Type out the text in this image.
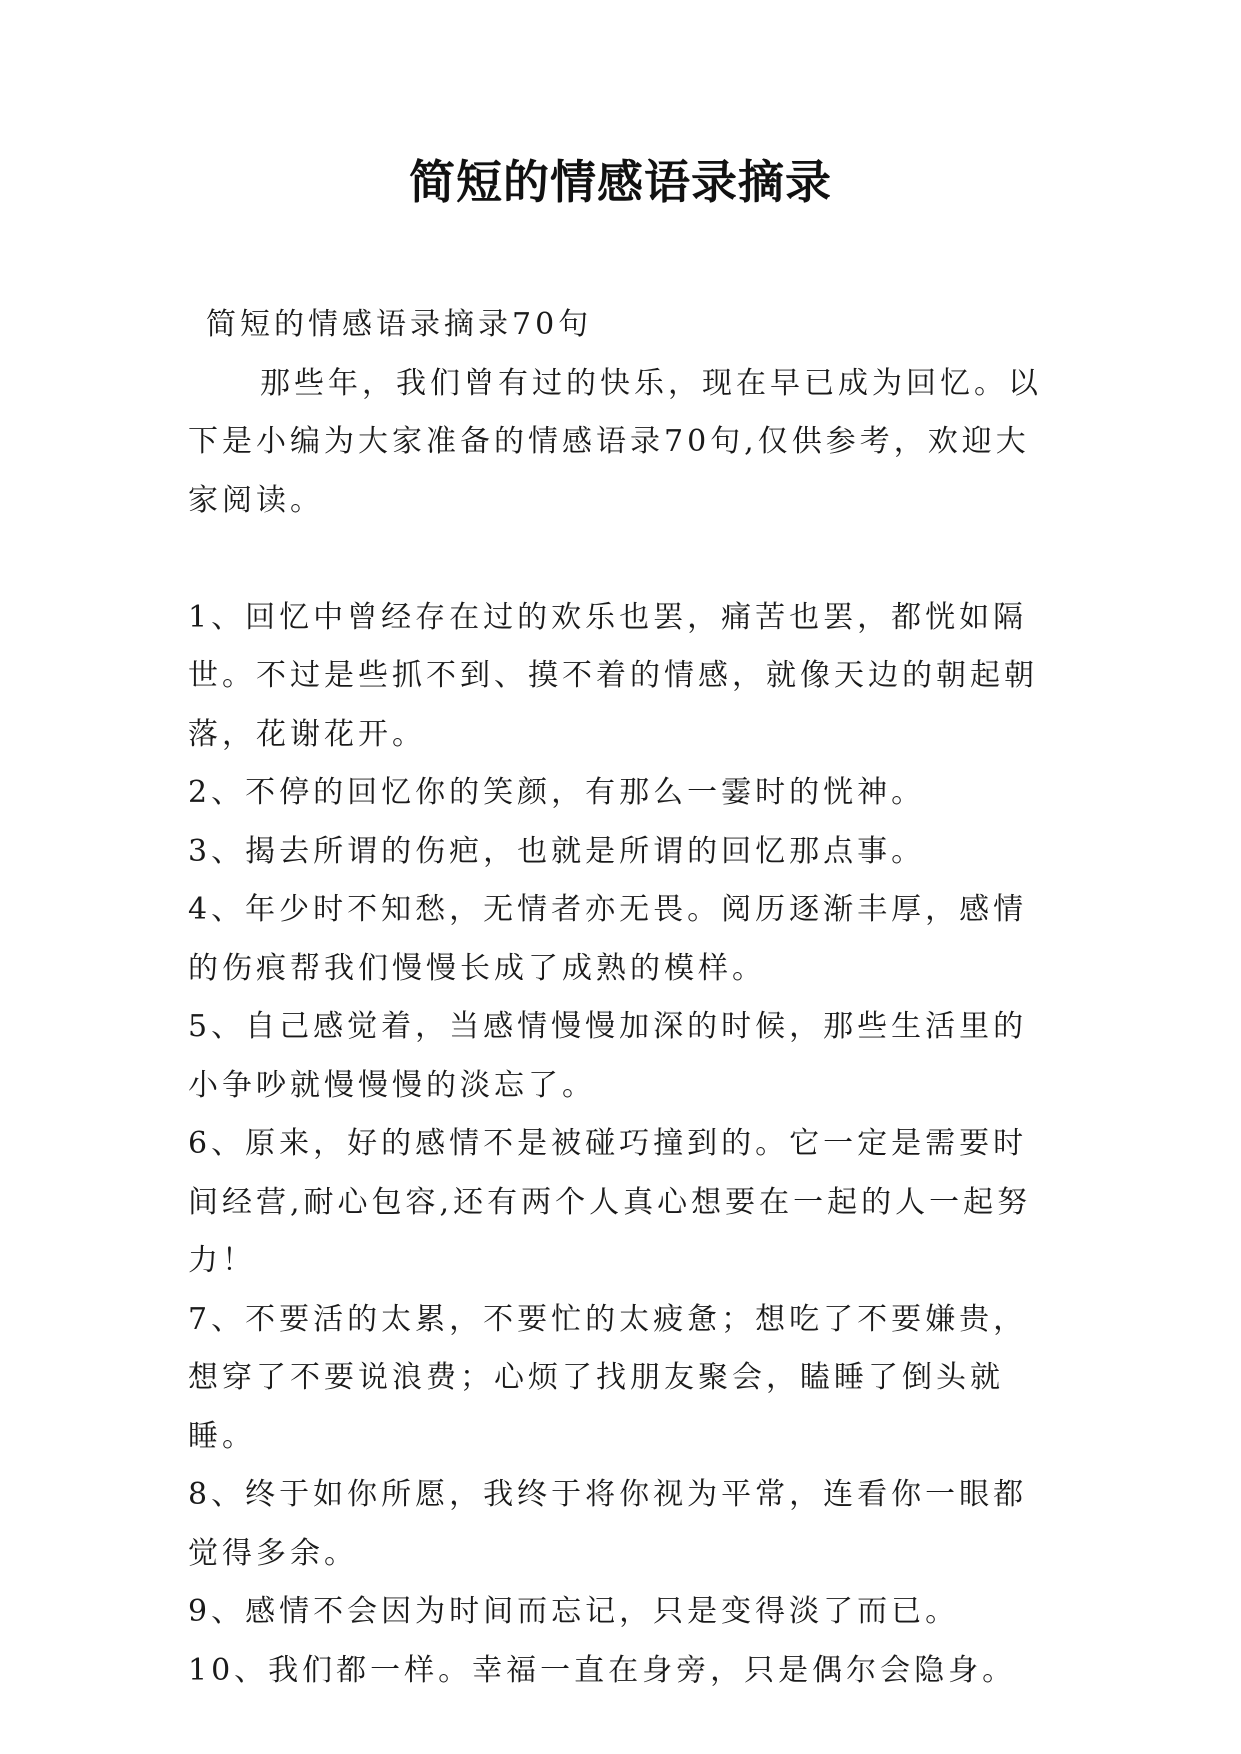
简短的情感语录摘录

简短的情感语录摘录70句

那些年，我们曾有过的快乐，现在早已成为回忆。以下是小编为大家准备的情感语录70句,仅供参考，欢迎大家阅读。

1、回忆中曾经存在过的欢乐也罢，痛苦也罢，都恍如隔世。不过是些抓不到、摸不着的情感，就像天边的朝起朝落，花谢花开。

2、不停的回忆你的笑颜，有那么一霎时的恍神。

3、揭去所谓的伤疤，也就是所谓的回忆那点事。

4、年少时不知愁，无情者亦无畏。阅历逐渐丰厚，感情的伤痕帮我们慢慢长成了成熟的模样。

5、自己感觉着，当感情慢慢加深的时候，那些生活里的小争吵就慢慢慢的淡忘了。

6、原来，好的感情不是被碰巧撞到的。它一定是需要时间经营,耐心包容,还有两个人真心想要在一起的人一起努力！

7、不要活的太累，不要忙的太疲惫；想吃了不要嫌贵，想穿了不要说浪费；心烦了找朋友聚会，瞌睡了倒头就睡。

8、终于如你所愿，我终于将你视为平常，连看你一眼都觉得多余。

9、感情不会因为时间而忘记，只是变得淡了而已。

10、我们都一样。幸福一直在身旁，只是偶尔会隐身。
